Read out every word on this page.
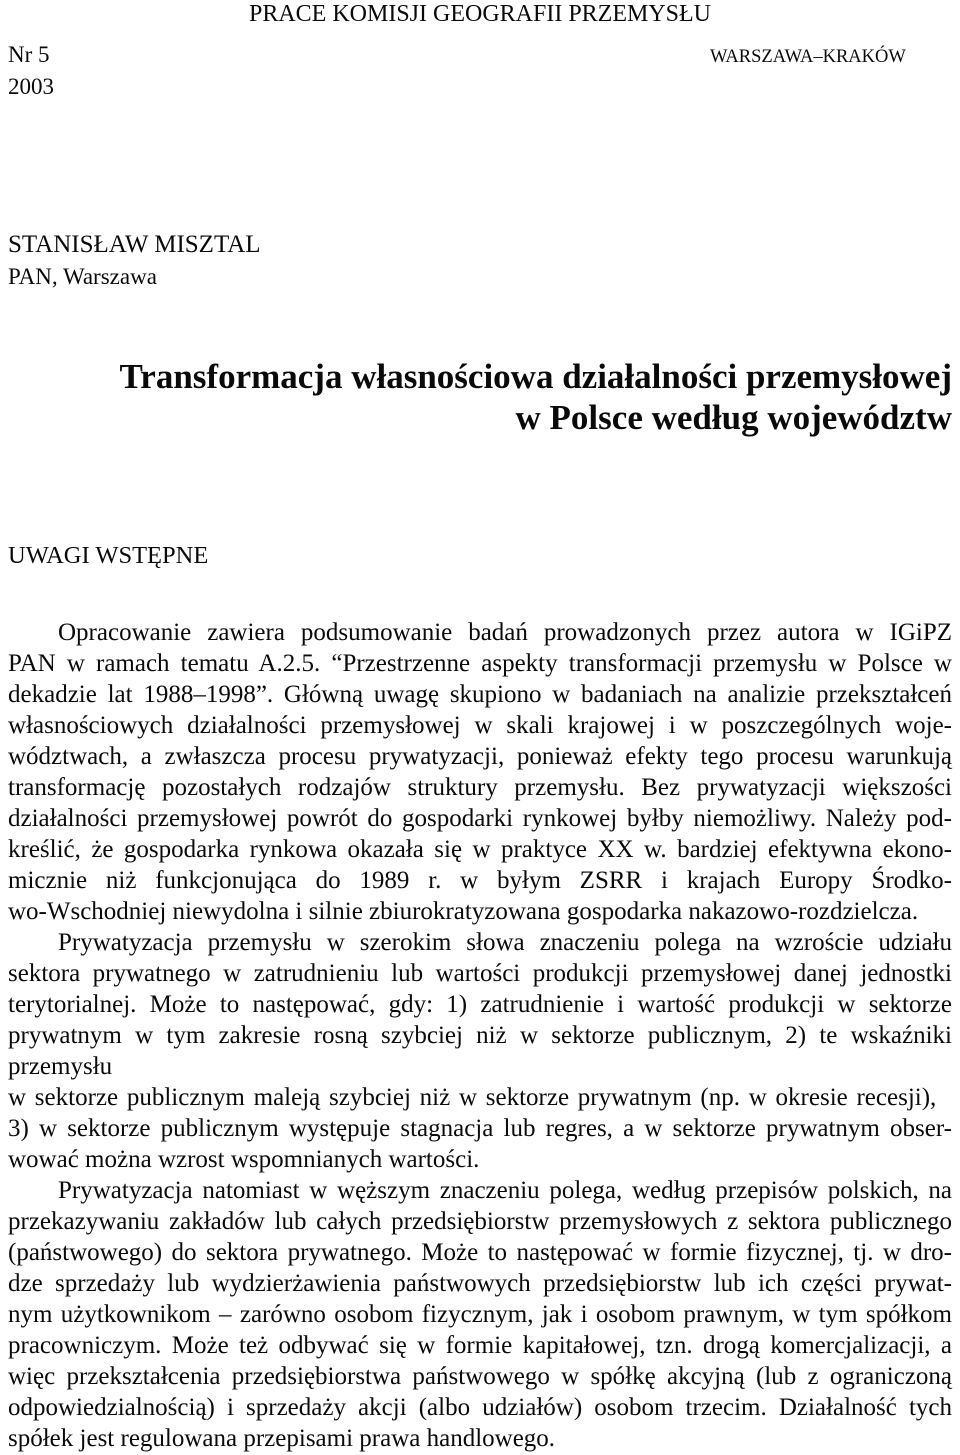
PRACE KOMISJI GEOGRAFII PRZEMYSŁU
Nr 5
2003
WARSZAWA–KRAKÓW
STANISŁAW MISZTAL
PAN, Warszawa
Transformacja własnościowa działalności przemysłowej
w Polsce według województw
UWAGI WSTĘPNE
Opracowanie zawiera podsumowanie badań prowadzonych przez autora w IGiPZ
PAN w ramach tematu A.2.5. “Przestrzenne aspekty transformacji przemysłu w Polsce w
dekadzie lat 1988–1998”. Główną uwagę skupiono w badaniach na analizie przekształceń
własnościowych działalności przemysłowej w skali krajowej i w poszczególnych woje-
wództwach, a zwłaszcza procesu prywatyzacji, ponieważ efekty tego procesu warunkują
transformację pozostałych rodzajów struktury przemysłu. Bez prywatyzacji większości
działalności przemysłowej powrót do gospodarki rynkowej byłby niemożliwy. Należy pod-
kreślić, że gospodarka rynkowa okazała się w praktyce XX w. bardziej efektywna ekono-
micznie niż funkcjonująca do 1989 r. w byłym ZSRR i krajach Europy Środko-
wo-Wschodniej niewydolna i silnie zbiurokratyzowana gospodarka nakazowo-rozdzielcza.
Prywatyzacja przemysłu w szerokim słowa znaczeniu polega na wzroście udziału
sektora prywatnego w zatrudnieniu lub wartości produkcji przemysłowej danej jednostki
terytorialnej. Może to następować, gdy: 1) zatrudnienie i wartość produkcji w sektorze
prywatnym w tym zakresie rosną szybciej niż w sektorze publicznym, 2) te wskaźniki
przemysłu
w sektorze publicznym maleją szybciej niż w sektorze prywatnym (np. w okresie recesji),
3) w sektorze publicznym występuje stagnacja lub regres, a w sektorze prywatnym obser-
wować można wzrost wspomnianych wartości.
Prywatyzacja natomiast w węższym znaczeniu polega, według przepisów polskich, na
przekazywaniu zakładów lub całych przedsiębiorstw przemysłowych z sektora publicznego
(państwowego) do sektora prywatnego. Może to następować w formie fizycznej, tj. w dro-
dze sprzedaży lub wydzierżawienia państwowych przedsiębiorstw lub ich części prywat-
nym użytkownikom – zarówno osobom fizycznym, jak i osobom prawnym, w tym spółkom
pracowniczym. Może też odbywać się w formie kapitałowej, tzn. drogą komercjalizacji, a
więc przekształcenia przedsiębiorstwa państwowego w spółkę akcyjną (lub z ograniczoną
odpowiedzialnością) i sprzedaży akcji (albo udziałów) osobom trzecim. Działalność tych
spółek jest regulowana przepisami prawa handlowego.
